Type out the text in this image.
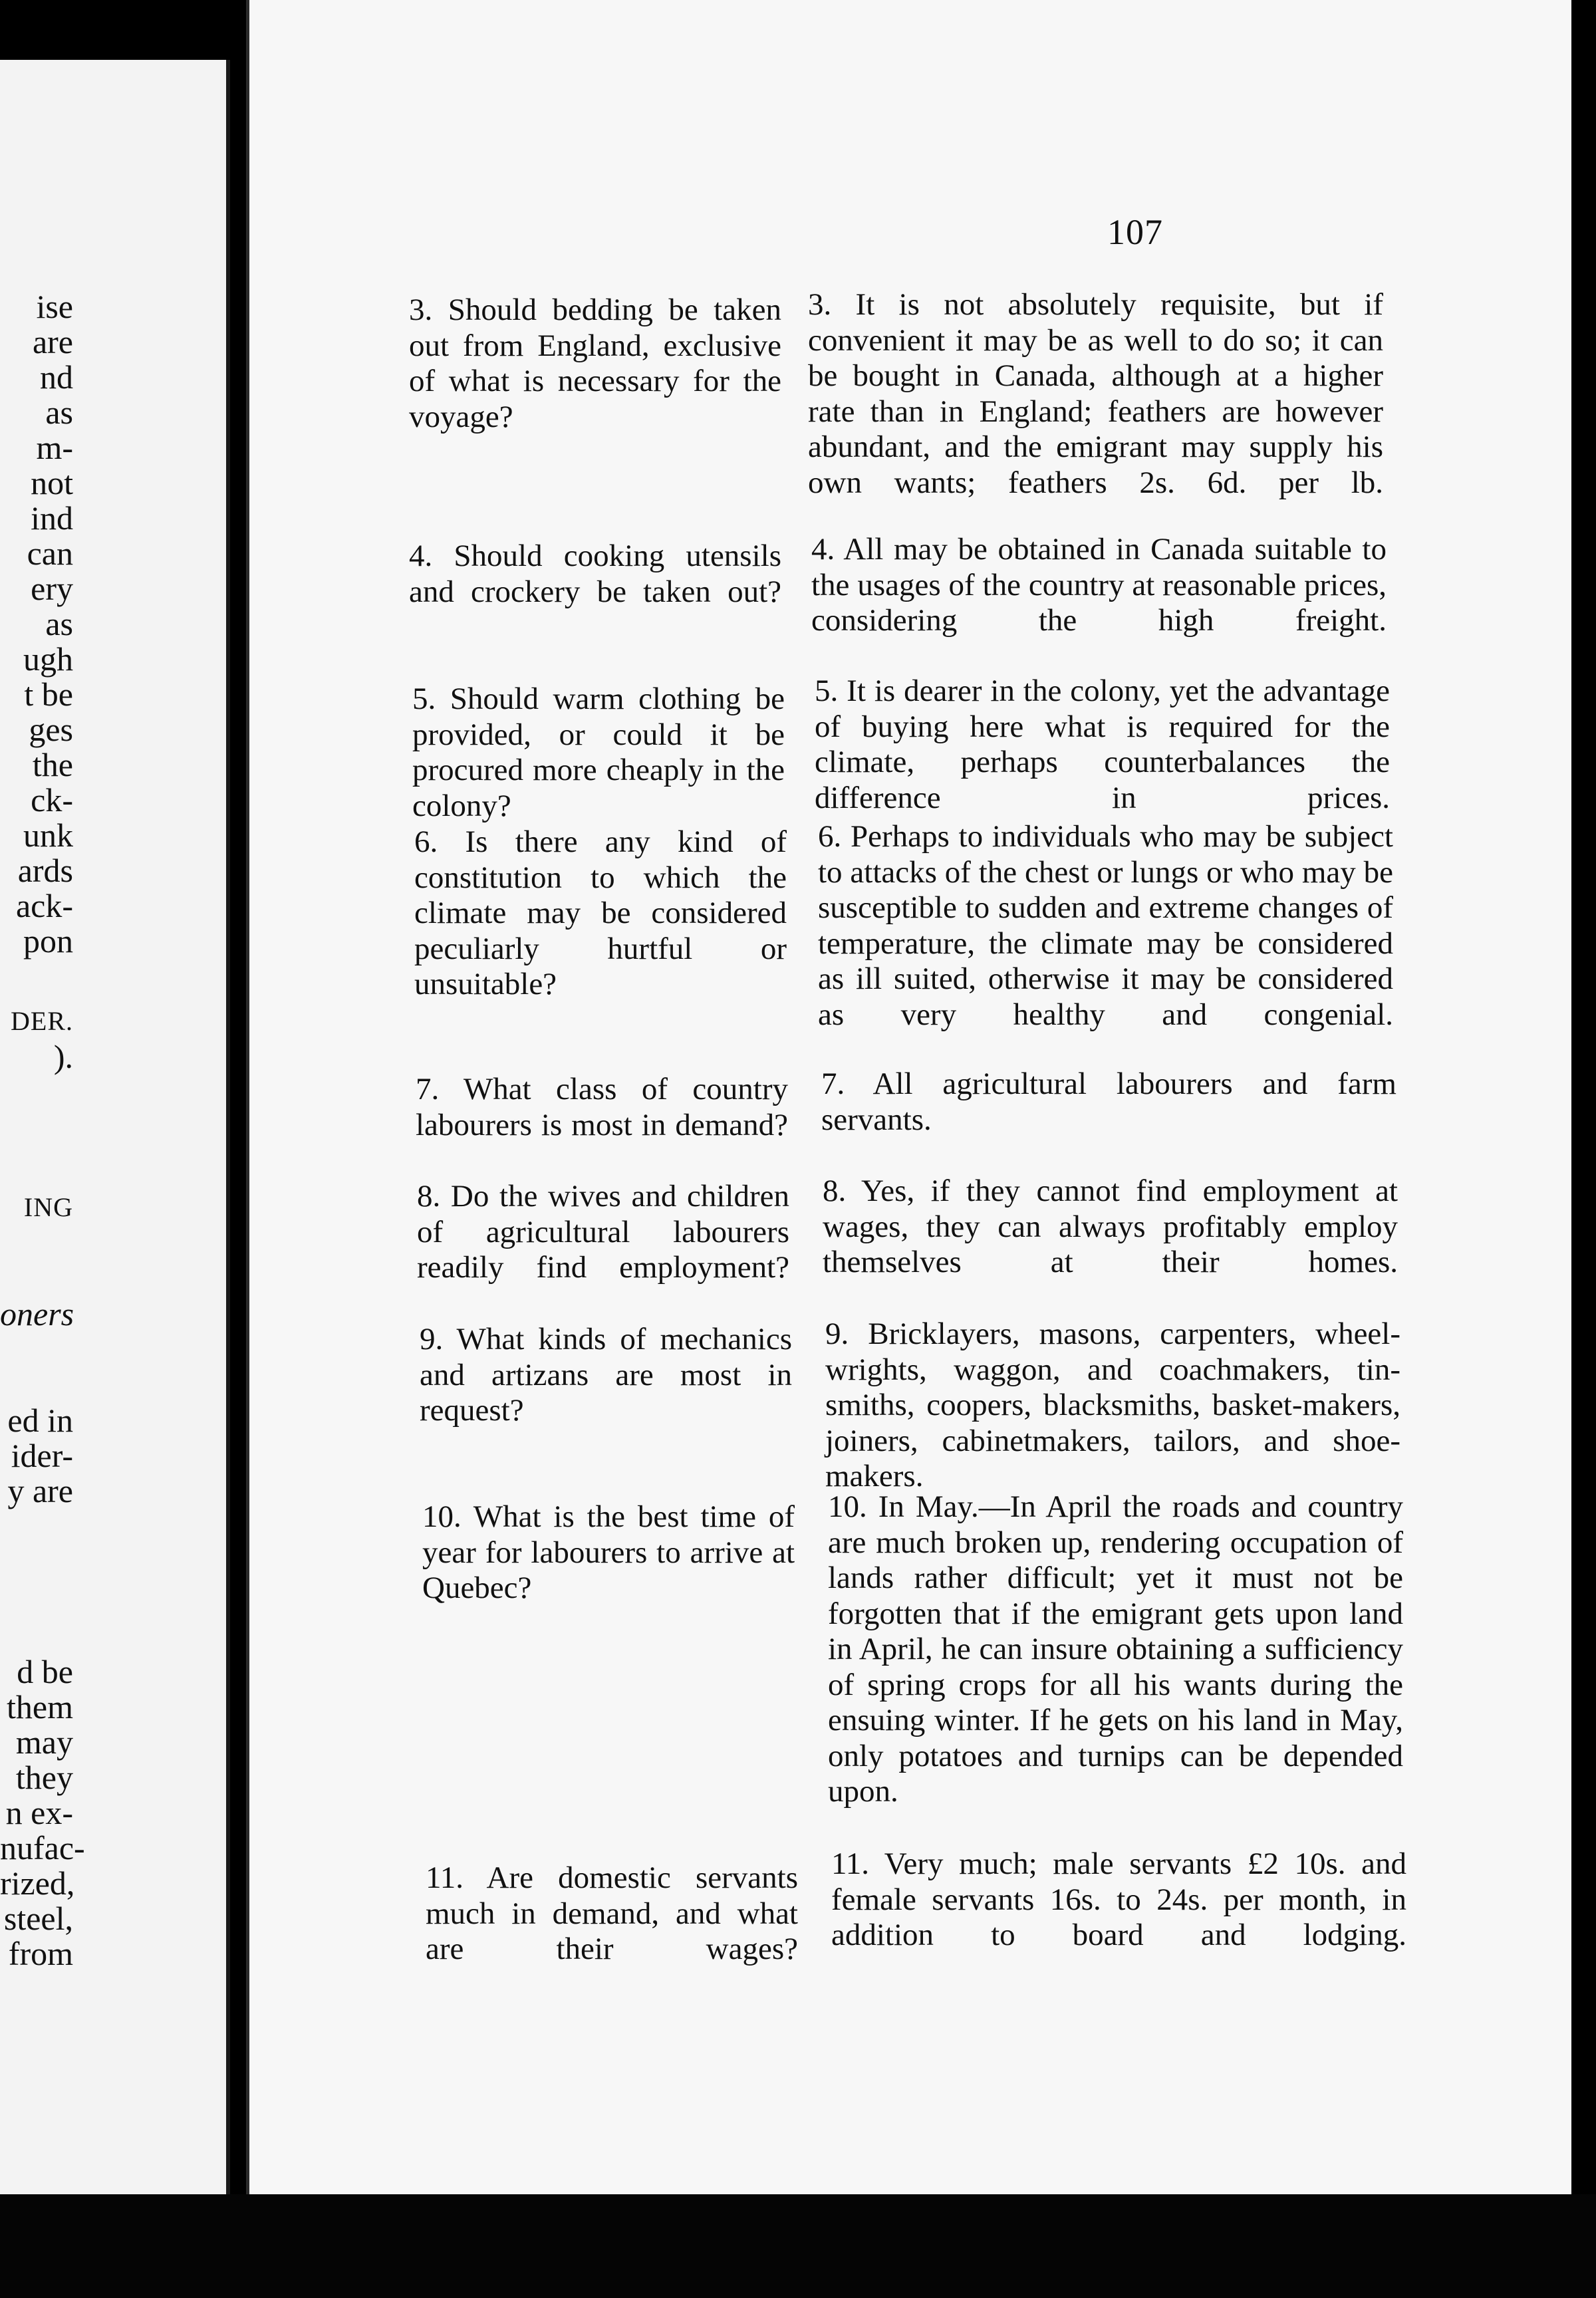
ise
are
nd
as
m-
not
ind
can
ery
as
ugh
t be
ges
the
ck-
unk
ards
ack-
pon
DER.
).
ING
oners
ed in
ider-
y are
d be
them
may
they
n ex-
nufac-
rized,
steel,
from
107
3. Should bedding be taken out from England, exclusive of what is necessary for the voyage?
4. Should cooking utensils and crockery be taken out?
5. Should warm clothing be provided, or could it be procured more cheaply in the colony?
6. Is there any kind of constitution to which the climate may be considered peculiarly hurtful or unsuitable?
7. What class of country labourers is most in demand?
8. Do the wives and children of agricultural labourers readily find employment?
9. What kinds of mechanics and artizans are most in request?
10. What is the best time of year for labourers to arrive at Quebec?
11. Are domestic servants much in demand, and what are their wages?
3. It is not absolutely requisite, but if convenient it may be as well to do so; it can be bought in Canada, although at a higher rate than in England; feathers are however abundant, and the emigrant may supply his own wants; feathers 2s. 6d. per lb.
4. All may be obtained in Canada suitable to the usages of the country at reasonable prices, considering the high freight.
5. It is dearer in the colony, yet the advantage of buying here what is required for the climate, perhaps counterbalances the difference in prices.
6. Perhaps to individuals who may be subject to attacks of the chest or lungs or who may be susceptible to sudden and extreme changes of temperature, the climate may be considered as ill suited, otherwise it may be considered as very healthy and congenial.
7. All agricultural labourers and farm servants.
8. Yes, if they cannot find employment at wages, they can always profitably employ themselves at their homes.
9. Bricklayers, masons, carpenters, wheel-wrights, waggon, and coachmakers, tin-smiths, coopers, blacksmiths, basket-makers, joiners, cabinetmakers, tailors, and shoe-makers.
10. In May.—In April the roads and country are much broken up, rendering occupation of lands rather difficult; yet it must not be forgotten that if the emigrant gets upon land in April, he can insure obtaining a sufficiency of spring crops for all his wants during the ensuing winter. If he gets on his land in May, only potatoes and turnips can be depended upon.
11. Very much; male servants £2 10s. and female servants 16s. to 24s. per month, in addition to board and lodging.
